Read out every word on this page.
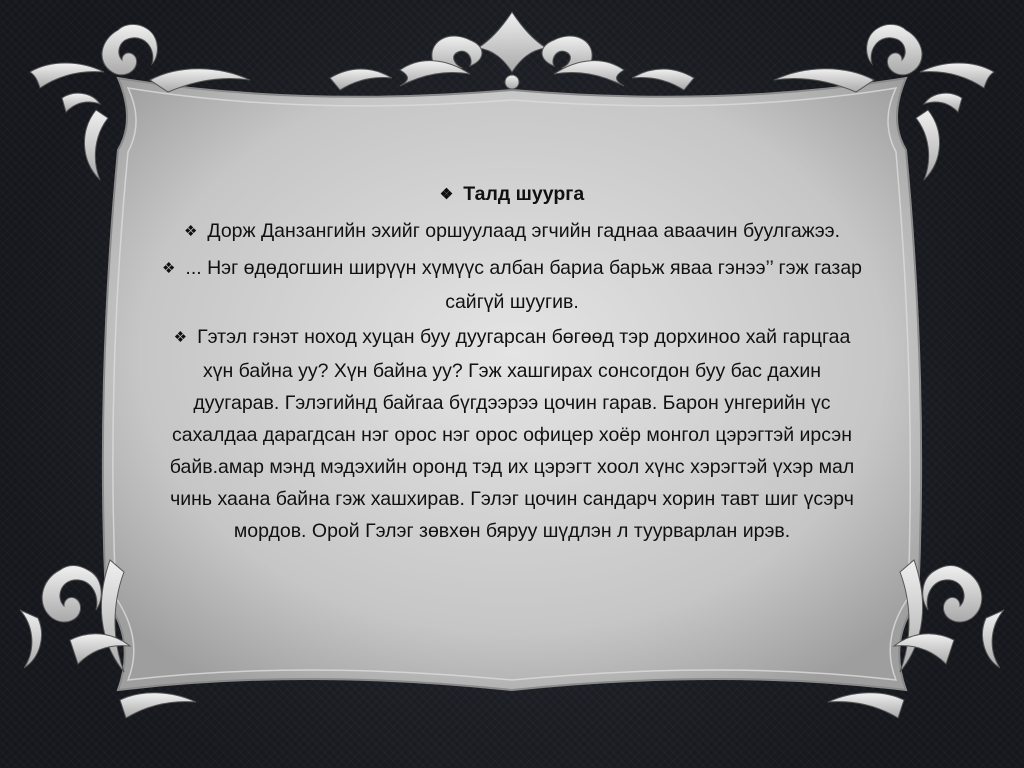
❖ Талд шуурга

❖ Дорж Данзангийн эхийг оршуулаад эгчийн гаднаа аваачин буулгажээ.

❖ ... Нэг өдөдогшин ширүүн хүмүүс албан бариа барьж яваа гэнээ’’ гэж газар сайгүй шуугив.

❖ Гэтэл гэнэт ноход хуцан буу дуугарсан бөгөөд тэр дорхиноо хай гарцгаа хүн байна уу? Хүн байна уу? Гэж хашгирах сонсогдон буу бас дахин дуугарав. Гэлэгийнд байгаа бүгдээрээ цочин гарав. Барон унгерийн үс сахалдаа дарагдсан нэг орос нэг орос офицер хоёр монгол цэрэгтэй ирсэн байв.амар мэнд мэдэхийн оронд тэд их цэрэгт хоол хүнс хэрэгтэй үхэр мал чинь хаана байна гэж хашхирав. Гэлэг цочин сандарч хорин тавт шиг үсэрч мордов. Орой Гэлэг зөвхөн бяруу шүдлэн л туурварлан ирэв.
